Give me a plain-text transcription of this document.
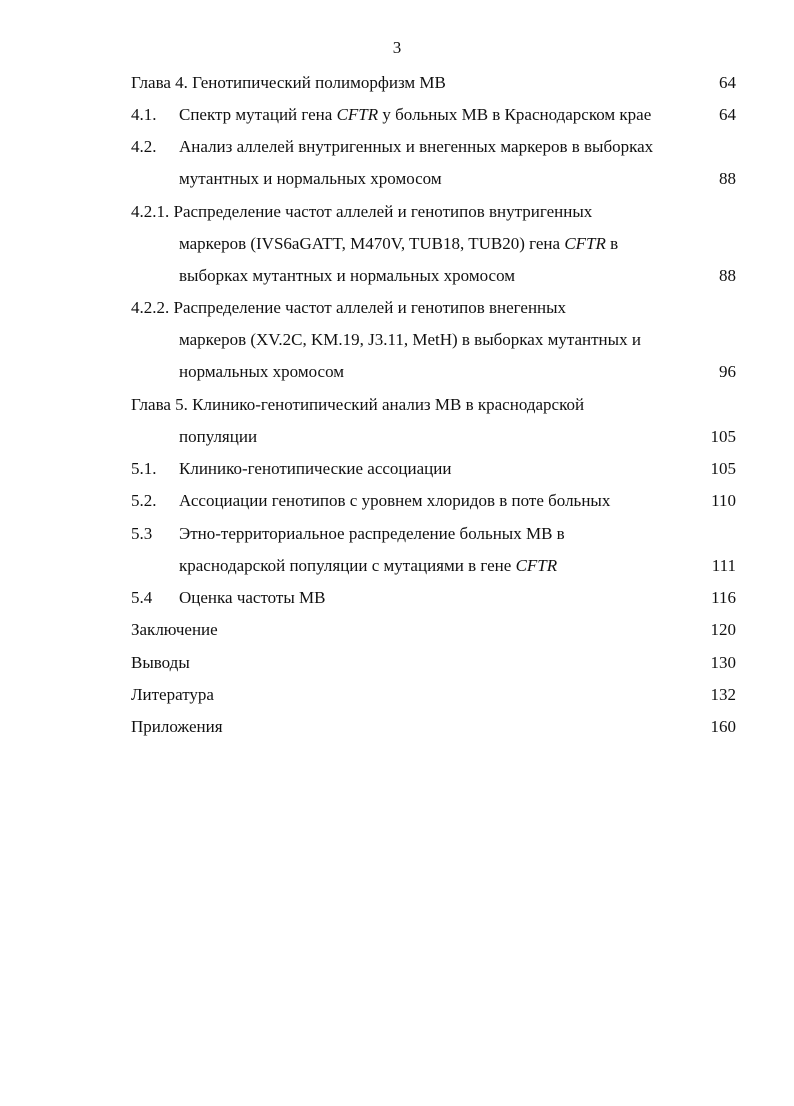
3
Глава 4. Генотипический полиморфизм МВ	64
4.1. Спектр мутаций гена CFTR у больных МВ в Краснодарском крае	64
4.2. Анализ аллелей внутригенных и внегенных маркеров в выборках
мутантных и нормальных хромосом	88
4.2.1. Распределение частот аллелей и генотипов внутригенных
маркеров (IVS6aGATT, M470V, TUB18, TUB20) гена CFTR в
выборках мутантных и нормальных хромосом	88
4.2.2. Распределение частот аллелей и генотипов внегенных
маркеров (XV.2C, KM.19, J3.11, MetH) в выборках мутантных и
нормальных хромосом	96
Глава 5. Клинико-генотипический анализ МВ в краснодарской
популяции	105
5.1. Клинико-генотипические ассоциации	105
5.2. Ассоциации генотипов с уровнем хлоридов в поте больных	110
5.3 Этно-территориальное распределение больных МВ в
краснодарской популяции с мутациями в гене CFTR	111
5.4 Оценка частоты МВ	116
Заключение	120
Выводы	130
Литература	132
Приложения	160
